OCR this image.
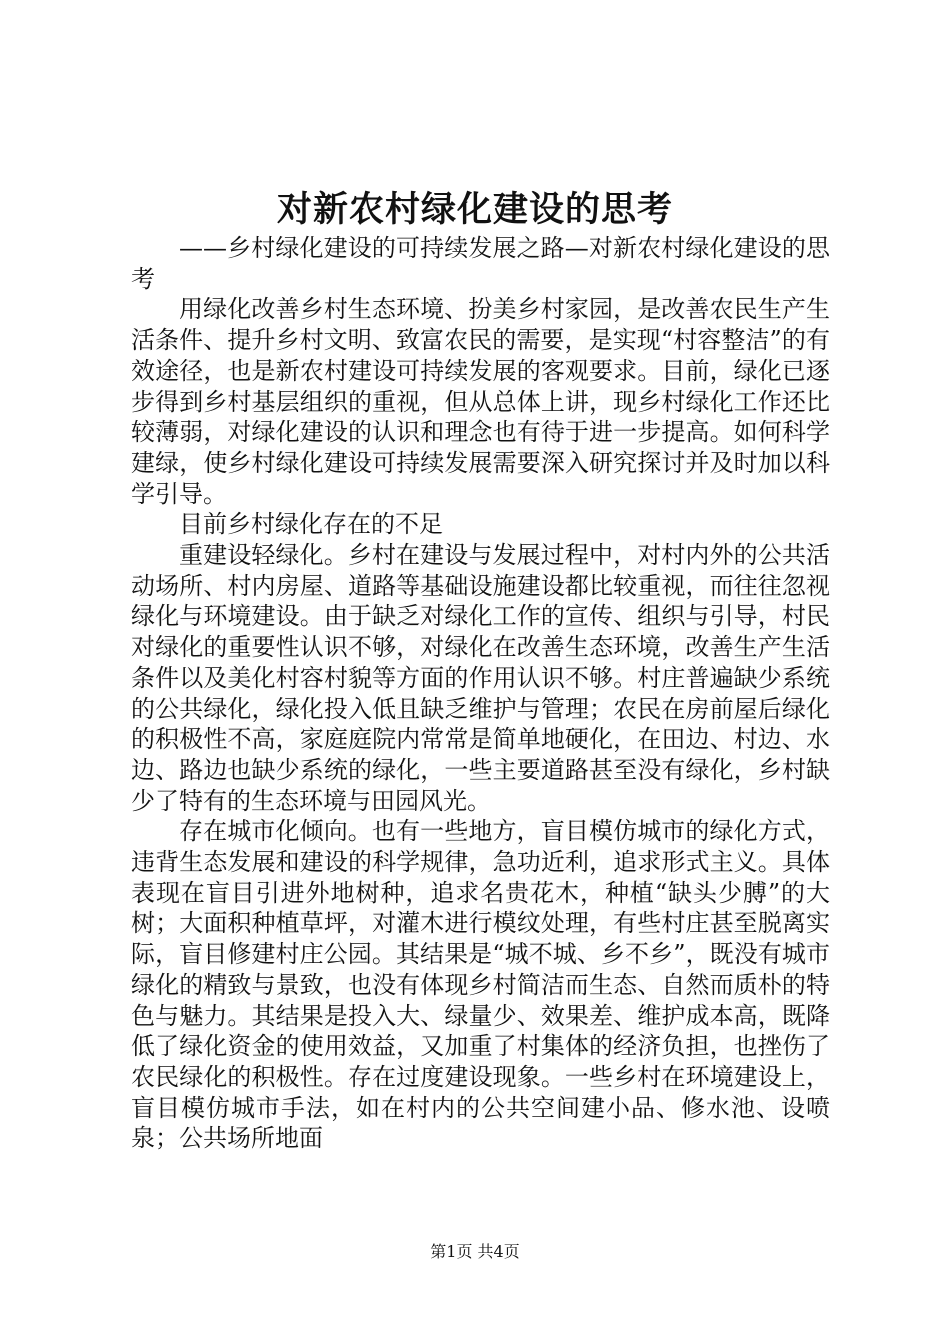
对新农村绿化建设的思考

——乡村绿化建设的可持续发展之路—对新农村绿化建设的思考

用绿化改善乡村生态环境、扮美乡村家园，是改善农民生产生活条件、提升乡村文明、致富农民的需要，是实现“村容整洁”的有效途径，也是新农村建设可持续发展的客观要求。目前，绿化已逐步得到乡村基层组织的重视，但从总体上讲，现乡村绿化工作还比较薄弱，对绿化建设的认识和理念也有待于进一步提高。如何科学建绿，使乡村绿化建设可持续发展需要深入研究探讨并及时加以科学引导。

目前乡村绿化存在的不足

重建设轻绿化。乡村在建设与发展过程中，对村内外的公共活动场所、村内房屋、道路等基础设施建设都比较重视，而往往忽视绿化与环境建设。由于缺乏对绿化工作的宣传、组织与引导，村民对绿化的重要性认识不够，对绿化在改善生态环境，改善生产生活条件以及美化村容村貌等方面的作用认识不够。村庄普遍缺少系统的公共绿化，绿化投入低且缺乏维护与管理；农民在房前屋后绿化的积极性不高，家庭庭院内常常是简单地硬化，在田边、村边、水边、路边也缺少系统的绿化，一些主要道路甚至没有绿化，乡村缺少了特有的生态环境与田园风光。

存在城市化倾向。也有一些地方，盲目模仿城市的绿化方式，违背生态发展和建设的科学规律，急功近利，追求形式主义。具体表现在盲目引进外地树种，追求名贵花木，种植“缺头少膊”的大树；大面积种植草坪，对灌木进行模纹处理，有些村庄甚至脱离实际，盲目修建村庄公园。其结果是“城不城、乡不乡”，既没有城市绿化的精致与景致，也没有体现乡村简洁而生态、自然而质朴的特色与魅力。其结果是投入大、绿量少、效果差、维护成本高，既降低了绿化资金的使用效益，又加重了村集体的经济负担，也挫伤了农民绿化的积极性。存在过度建设现象。一些乡村在环境建设上，盲目模仿城市手法，如在村内的公共空间建小品、修水池、设喷泉；公共场所地面

第1页 共4页
